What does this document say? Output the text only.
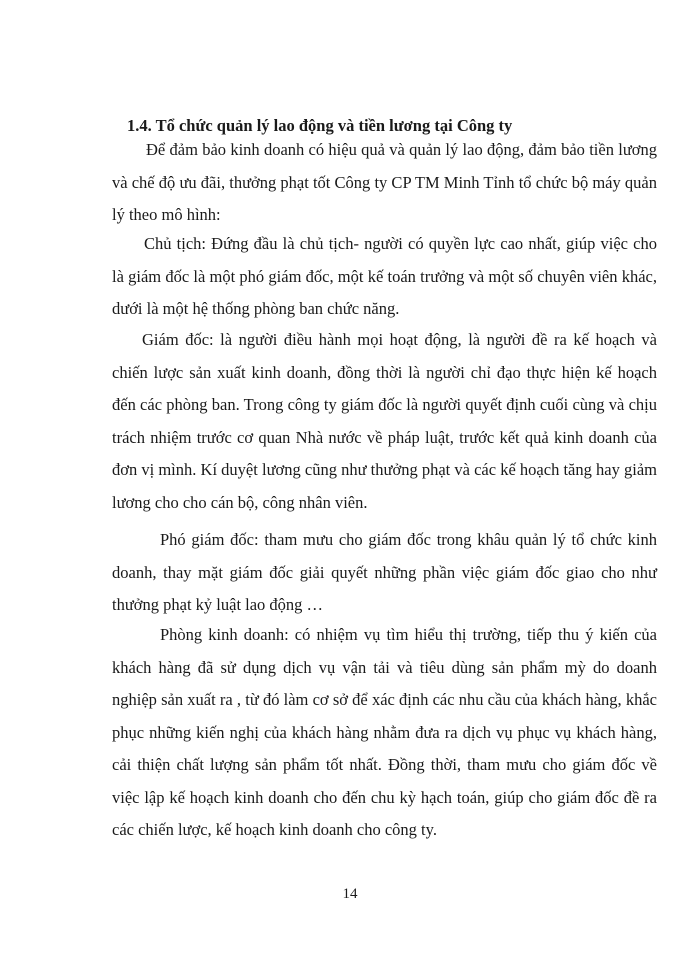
1.4. Tổ chức quản lý lao động và tiền lương tại Công ty

Để đảm bảo kinh doanh có hiệu quả và quản lý lao động, đảm bảo tiền lương và chế độ ưu đãi, thưởng phạt tốt Công ty CP TM Minh Tỉnh tổ chức bộ máy quản lý theo mô hình:

Chủ tịch: Đứng đầu là chủ tịch- người có quyền lực cao nhất, giúp việc cho là giám đốc là một phó giám đốc, một kế toán trưởng và một số chuyên viên khác, dưới là một hệ thống phòng ban chức năng.

Giám đốc: là người điều hành mọi hoạt động, là người đề ra kế hoạch và chiến lược sản xuất kinh doanh, đồng thời là người chỉ đạo thực hiện kế hoạch đến các phòng ban. Trong công ty giám đốc là người quyết định cuối cùng và chịu trách nhiệm trước cơ quan Nhà nước về pháp luật, trước kết quả kinh doanh của đơn vị mình. Kí duyệt lương cũng như thưởng phạt và các kế hoạch tăng hay giảm lương cho cho cán bộ, công nhân viên.

Phó giám đốc: tham mưu cho giám đốc trong khâu quản lý tổ chức kinh doanh, thay mặt giám đốc giải quyết những phần việc giám đốc giao cho như thưởng phạt kỷ luật lao động …

Phòng kinh doanh: có nhiệm vụ tìm hiểu thị trường, tiếp thu ý kiến của khách hàng đã sử dụng dịch vụ vận tải và tiêu dùng sản phẩm mỳ do doanh nghiệp sản xuất ra , từ đó làm cơ sở để xác định các nhu cầu của khách hàng, khắc phục những kiến nghị của khách hàng nhằm đưa ra dịch vụ phục vụ khách hàng, cải thiện chất lượng sản phẩm tốt nhất. Đồng thời, tham mưu cho giám đốc về việc lập kế hoạch kinh doanh cho đến chu kỳ hạch toán, giúp cho giám đốc đề ra các chiến lược, kế hoạch kinh doanh cho công ty.

14
